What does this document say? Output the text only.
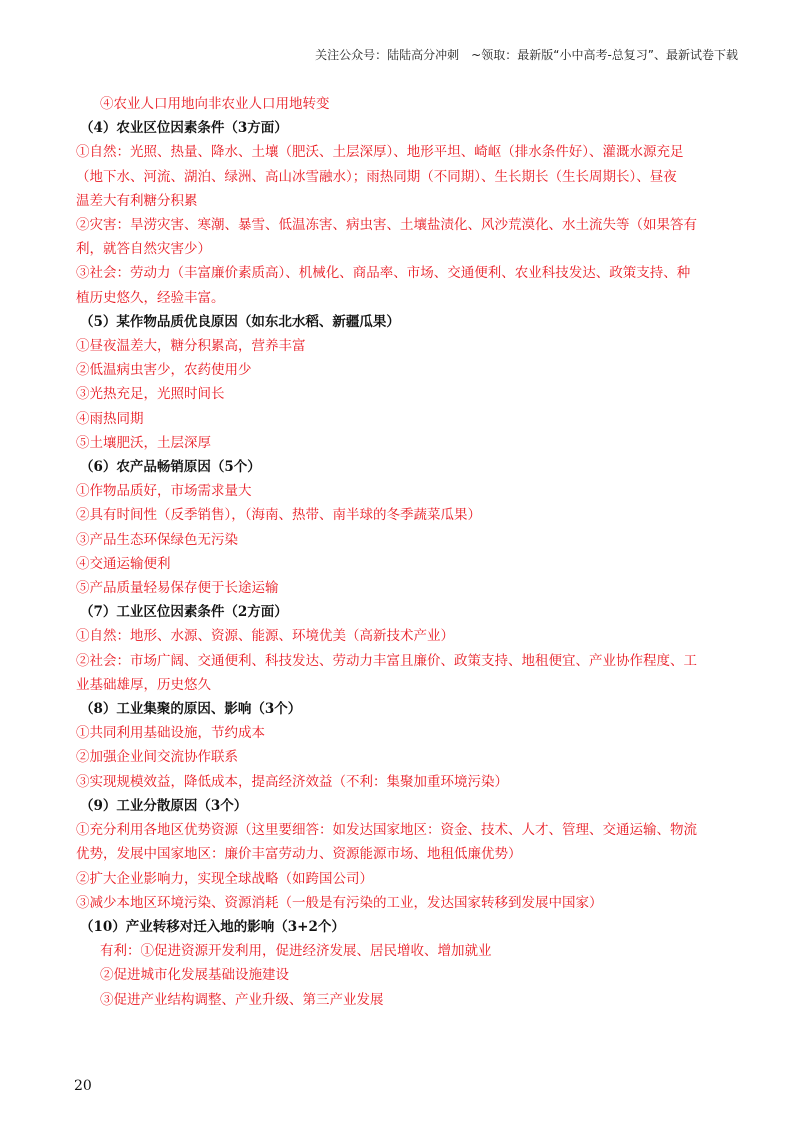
关注公众号：陆陆高分冲刺　~领取：最新版“小中高考-总复习”、最新试卷下载
④农业人口用地向非农业人口用地转变
（4）农业区位因素条件（3方面）
①自然：光照、热量、降水、土壤（肥沃、土层深厚）、地形平坦、崎岖（排水条件好）、灌溉水源充足
（地下水、河流、湖泊、绿洲、高山冰雪融水）；雨热同期（不同期）、生长期长（生长周期长）、昼夜
温差大有利糖分积累
②灾害：旱涝灾害、寒潮、暴雪、低温冻害、病虫害、土壤盐渍化、风沙荒漠化、水土流失等（如果答有
利，就答自然灾害少）
③社会：劳动力（丰富廉价素质高）、机械化、商品率、市场、交通便利、农业科技发达、政策支持、种
植历史悠久，经验丰富。
（5）某作物品质优良原因（如东北水稻、新疆瓜果）
①昼夜温差大，糖分积累高，营养丰富
②低温病虫害少，农药使用少
③光热充足，光照时间长
④雨热同期
⑤土壤肥沃，土层深厚
（6）农产品畅销原因（5个）
①作物品质好，市场需求量大
②具有时间性（反季销售），（海南、热带、南半球的冬季蔬菜瓜果）
③产品生态环保绿色无污染
④交通运输便利
⑤产品质量轻易保存便于长途运输
（7）工业区位因素条件（2方面）
①自然：地形、水源、资源、能源、环境优美（高新技术产业）
②社会：市场广阔、交通便利、科技发达、劳动力丰富且廉价、政策支持、地租便宜、产业协作程度、工
业基础雄厚，历史悠久
（8）工业集聚的原因、影响（3个）
①共同利用基础设施，节约成本
②加强企业间交流协作联系
③实现规模效益，降低成本，提高经济效益（不利：集聚加重环境污染）
（9）工业分散原因（3个）
①充分利用各地区优势资源（这里要细答：如发达国家地区：资金、技术、人才、管理、交通运输、物流
优势，发展中国家地区：廉价丰富劳动力、资源能源市场、地租低廉优势）
②扩大企业影响力，实现全球战略（如跨国公司）
③减少本地区环境污染、资源消耗（一般是有污染的工业，发达国家转移到发展中国家）
（10）产业转移对迁入地的影响（3+2个）
有利：①促进资源开发利用，促进经济发展、居民增收、增加就业
②促进城市化发展基础设施建设
③促进产业结构调整、产业升级、第三产业发展
20
